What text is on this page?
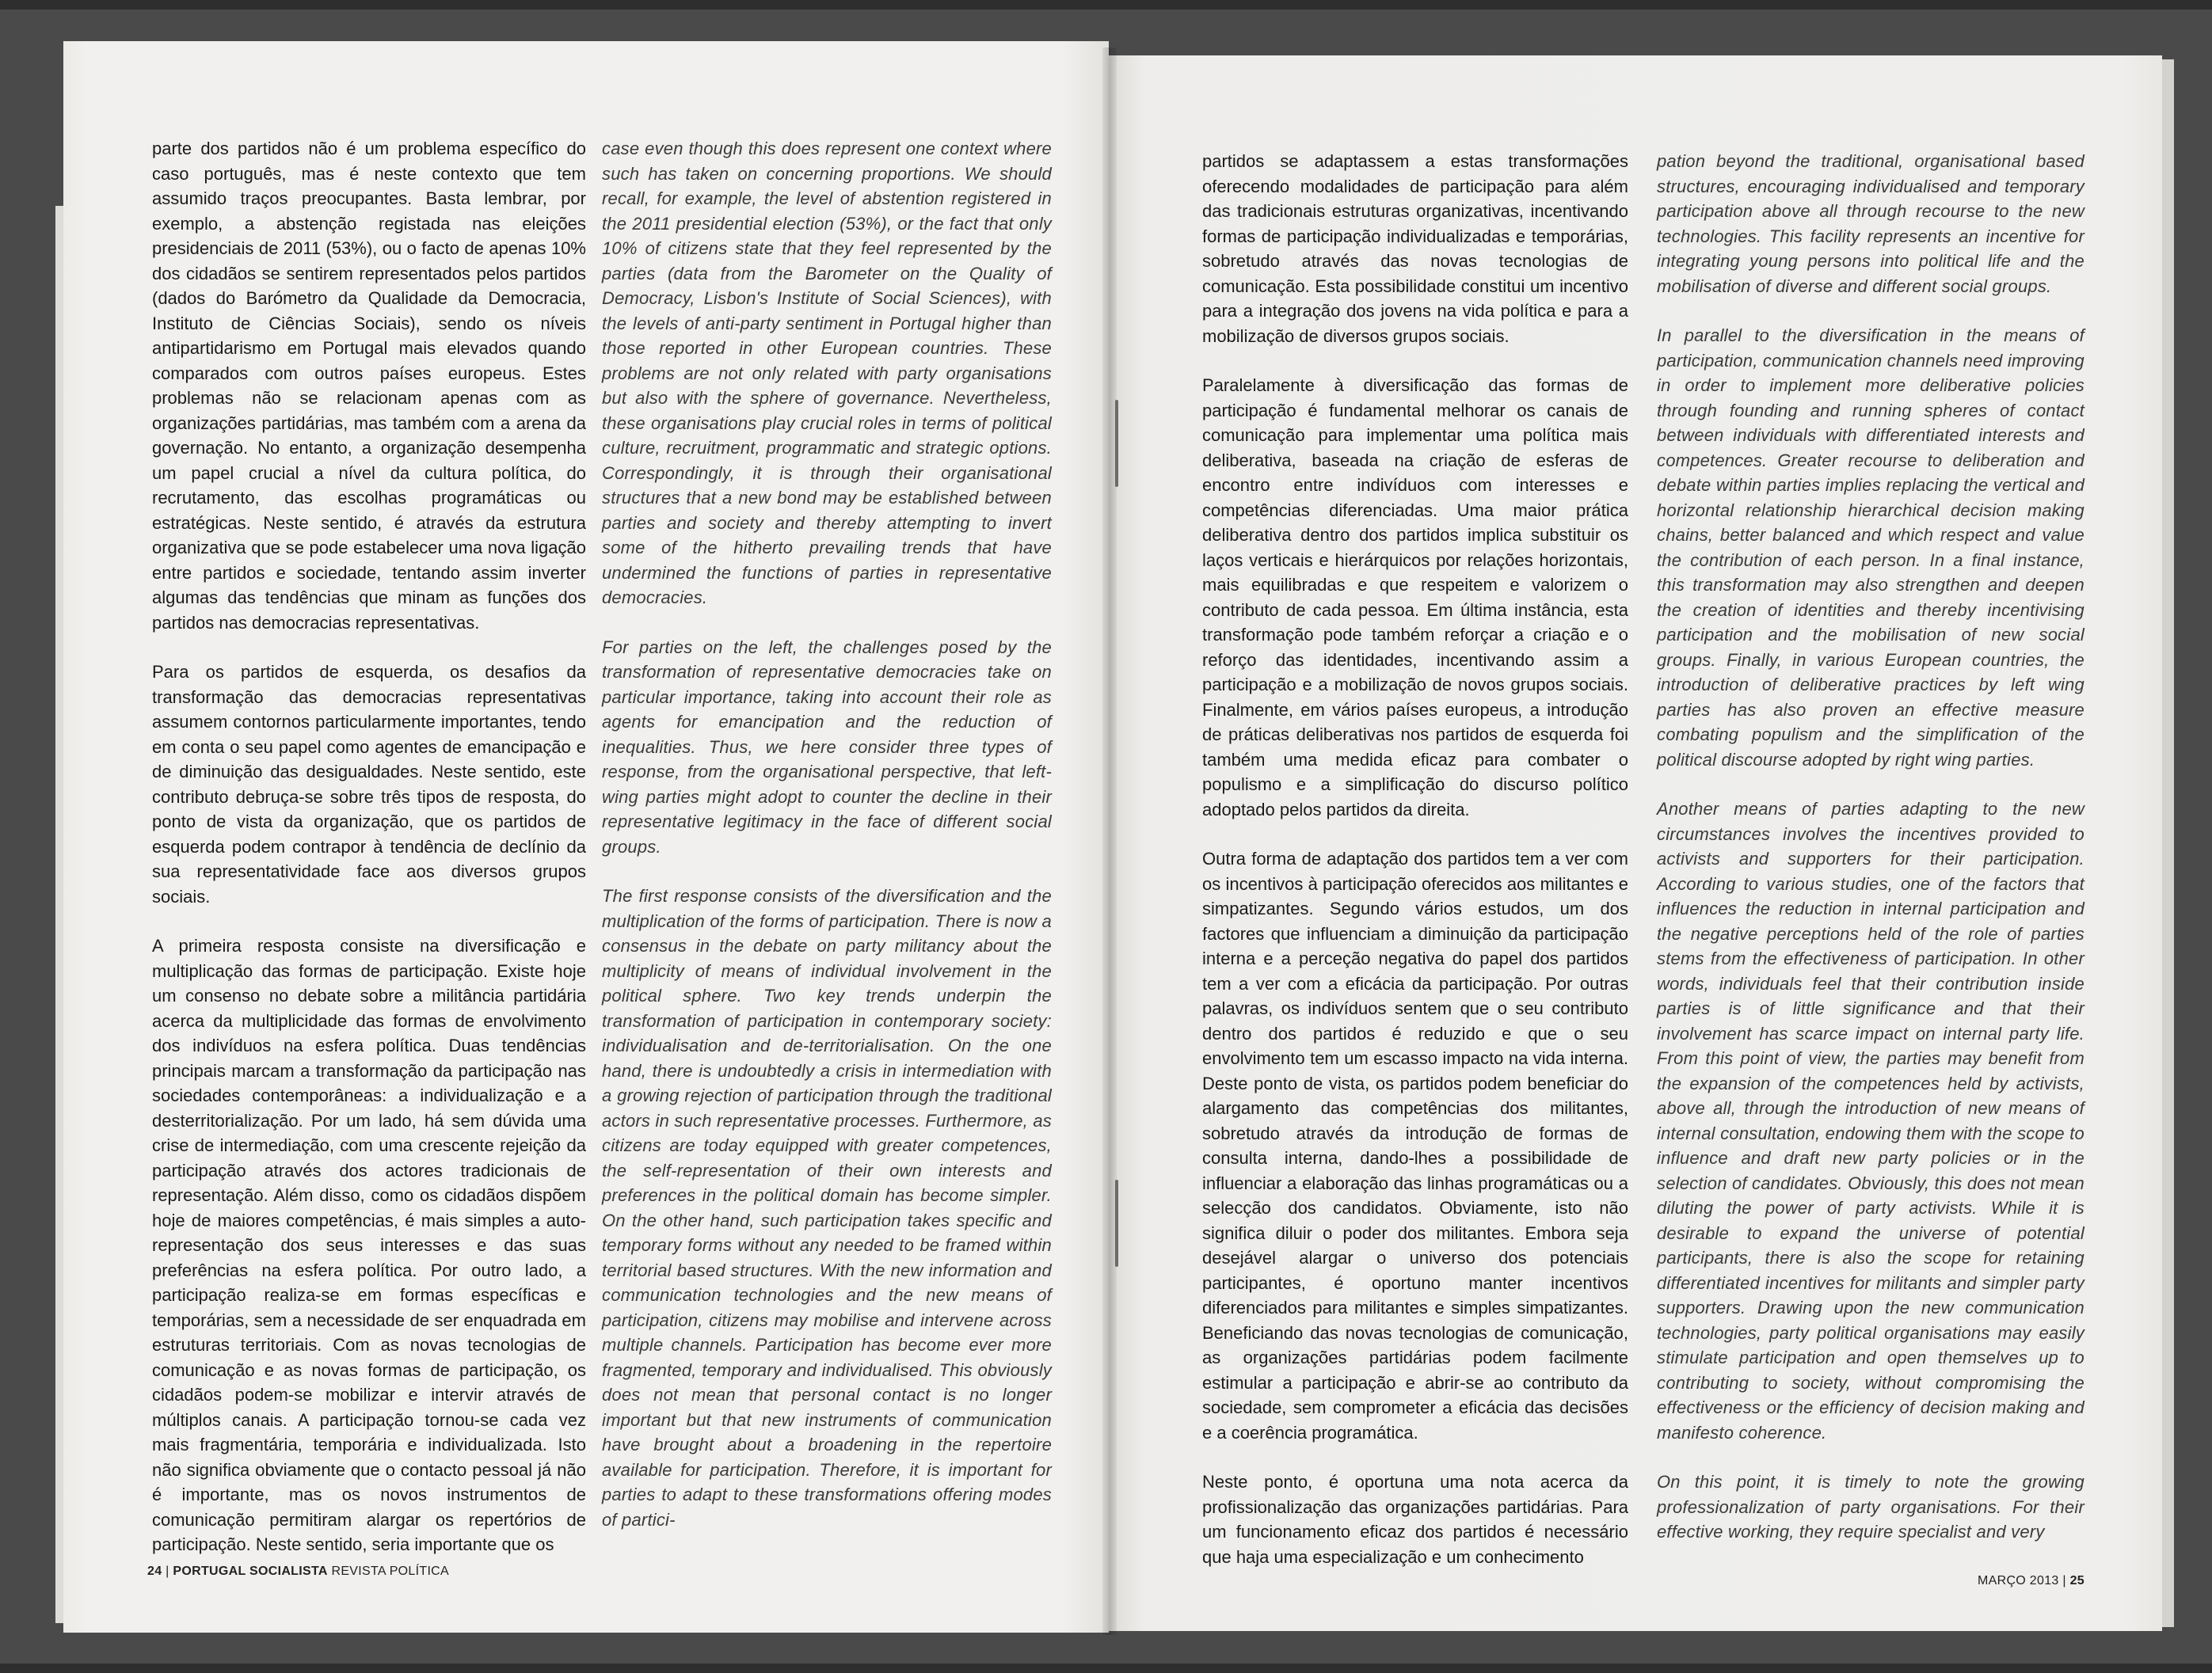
parte dos partidos não é um problema específico do caso português, mas é neste contexto que tem assumido traços preocupantes. Basta lembrar, por exemplo, a abstenção registada nas eleições presidenciais de 2011 (53%), ou o facto de apenas 10% dos cidadãos se sentirem representados pelos partidos (dados do Barómetro da Qualidade da Democracia, Instituto de Ciências Sociais), sendo os níveis antipartidarismo em Portugal mais elevados quando comparados com outros países europeus. Estes problemas não se relacionam apenas com as organizações partidárias, mas também com a arena da governação. No entanto, a organização desempenha um papel crucial a nível da cultura política, do recrutamento, das escolhas programáticas ou estratégicas. Neste sentido, é através da estrutura organizativa que se pode estabelecer uma nova ligação entre partidos e sociedade, tentando assim inverter algumas das tendências que minam as funções dos partidos nas democracias representativas.

Para os partidos de esquerda, os desafios da transformação das democracias representativas assumem contornos particularmente importantes, tendo em conta o seu papel como agentes de emancipação e de diminuição das desigualdades. Neste sentido, este contributo debruça-se sobre três tipos de resposta, do ponto de vista da organização, que os partidos de esquerda podem contrapor à tendência de declínio da sua representatividade face aos diversos grupos sociais.

A primeira resposta consiste na diversificação e multiplicação das formas de participação. Existe hoje um consenso no debate sobre a militância partidária acerca da multiplicidade das formas de envolvimento dos indivíduos na esfera política. Duas tendências principais marcam a transformação da participação nas sociedades contemporâneas: a individualização e a desterritorialização. Por um lado, há sem dúvida uma crise de intermediação, com uma crescente rejeição da participação através dos actores tradicionais de representação. Além disso, como os cidadãos dispõem hoje de maiores competências, é mais simples a auto-representação dos seus interesses e das suas preferências na esfera política. Por outro lado, a participação realiza-se em formas específicas e temporárias, sem a necessidade de ser enquadrada em estruturas territoriais. Com as novas tecnologias de comunicação e as novas formas de participação, os cidadãos podem-se mobilizar e intervir através de múltiplos canais. A participação tornou-se cada vez mais fragmentária, temporária e individualizada. Isto não significa obviamente que o contacto pessoal já não é importante, mas os novos instrumentos de comunicação permitiram alargar os repertórios de participação. Neste sentido, seria importante que os

case even though this does represent one context where such has taken on concerning proportions. We should recall, for example, the level of abstention registered in the 2011 presidential election (53%), or the fact that only 10% of citizens state that they feel represented by the parties (data from the Barometer on the Quality of Democracy, Lisbon's Institute of Social Sciences), with the levels of anti-party sentiment in Portugal higher than those reported in other European countries. These problems are not only related with party organisations but also with the sphere of governance. Nevertheless, these organisations play crucial roles in terms of political culture, recruitment, programmatic and strategic options. Correspondingly, it is through their organisational structures that a new bond may be established between parties and society and thereby attempting to invert some of the hitherto prevailing trends that have undermined the functions of parties in representative democracies.

For parties on the left, the challenges posed by the transformation of representative democracies take on particular importance, taking into account their role as agents for emancipation and the reduction of inequalities. Thus, we here consider three types of response, from the organisational perspective, that left-wing parties might adopt to counter the decline in their representative legitimacy in the face of different social groups.

The first response consists of the diversification and the multiplication of the forms of participation. There is now a consensus in the debate on party militancy about the multiplicity of means of individual involvement in the political sphere. Two key trends underpin the transformation of participation in contemporary society: individualisation and de-territorialisation. On the one hand, there is undoubtedly a crisis in intermediation with a growing rejection of participation through the traditional actors in such representative processes. Furthermore, as citizens are today equipped with greater competences, the self-representation of their own interests and preferences in the political domain has become simpler. On the other hand, such participation takes specific and temporary forms without any needed to be framed within territorial based structures. With the new information and communication technologies and the new means of participation, citizens may mobilise and intervene across multiple channels. Participation has become ever more fragmented, temporary and individualised. This obviously does not mean that personal contact is no longer important but that new instruments of communication have brought about a broadening in the repertoire available for participation. Therefore, it is important for parties to adapt to these transformations offering modes of partici-

24 | PORTUGAL SOCIALISTA REVISTA POLÍTICA

partidos se adaptassem a estas transformações oferecendo modalidades de participação para além das tradicionais estruturas organizativas, incentivando formas de participação individualizadas e temporárias, sobretudo através das novas tecnologias de comunicação. Esta possibilidade constitui um incentivo para a integração dos jovens na vida política e para a mobilização de diversos grupos sociais.

Paralelamente à diversificação das formas de participação é fundamental melhorar os canais de comunicação para implementar uma política mais deliberativa, baseada na criação de esferas de encontro entre indivíduos com interesses e competências diferenciadas. Uma maior prática deliberativa dentro dos partidos implica substituir os laços verticais e hierárquicos por relações horizontais, mais equilibradas e que respeitem e valorizem o contributo de cada pessoa. Em última instância, esta transformação pode também reforçar a criação e o reforço das identidades, incentivando assim a participação e a mobilização de novos grupos sociais. Finalmente, em vários países europeus, a introdução de práticas deliberativas nos partidos de esquerda foi também uma medida eficaz para combater o populismo e a simplificação do discurso político adoptado pelos partidos da direita.

Outra forma de adaptação dos partidos tem a ver com os incentivos à participação oferecidos aos militantes e simpatizantes. Segundo vários estudos, um dos factores que influenciam a diminuição da participação interna e a perceção negativa do papel dos partidos tem a ver com a eficácia da participação. Por outras palavras, os indivíduos sentem que o seu contributo dentro dos partidos é reduzido e que o seu envolvimento tem um escasso impacto na vida interna. Deste ponto de vista, os partidos podem beneficiar do alargamento das competências dos militantes, sobretudo através da introdução de formas de consulta interna, dando-lhes a possibilidade de influenciar a elaboração das linhas programáticas ou a selecção dos candidatos. Obviamente, isto não significa diluir o poder dos militantes. Embora seja desejável alargar o universo dos potenciais participantes, é oportuno manter incentivos diferenciados para militantes e simples simpatizantes. Beneficiando das novas tecnologias de comunicação, as organizações partidárias podem facilmente estimular a participação e abrir-se ao contributo da sociedade, sem comprometer a eficácia das decisões e a coerência programática.

Neste ponto, é oportuna uma nota acerca da profissionalização das organizações partidárias. Para um funcionamento eficaz dos partidos é necessário que haja uma especialização e um conhecimento

pation beyond the traditional, organisational based structures, encouraging individualised and temporary participation above all through recourse to the new technologies. This facility represents an incentive for integrating young persons into political life and the mobilisation of diverse and different social groups.

In parallel to the diversification in the means of participation, communication channels need improving in order to implement more deliberative policies through founding and running spheres of contact between individuals with differentiated interests and competences. Greater recourse to deliberation and debate within parties implies replacing the vertical and horizontal relationship hierarchical decision making chains, better balanced and which respect and value the contribution of each person. In a final instance, this transformation may also strengthen and deepen the creation of identities and thereby incentivising participation and the mobilisation of new social groups. Finally, in various European countries, the introduction of deliberative practices by left wing parties has also proven an effective measure combating populism and the simplification of the political discourse adopted by right wing parties.

Another means of parties adapting to the new circumstances involves the incentives provided to activists and supporters for their participation. According to various studies, one of the factors that influences the reduction in internal participation and the negative perceptions held of the role of parties stems from the effectiveness of participation. In other words, individuals feel that their contribution inside parties is of little significance and that their involvement has scarce impact on internal party life. From this point of view, the parties may benefit from the expansion of the competences held by activists, above all, through the introduction of new means of internal consultation, endowing them with the scope to influence and draft new party policies or in the selection of candidates. Obviously, this does not mean diluting the power of party activists. While it is desirable to expand the universe of potential participants, there is also the scope for retaining differentiated incentives for militants and simpler party supporters. Drawing upon the new communication technologies, party political organisations may easily stimulate participation and open themselves up to contributing to society, without compromising the effectiveness or the efficiency of decision making and manifesto coherence.

On this point, it is timely to note the growing professionalization of party organisations. For their effective working, they require specialist and very

MARÇO 2013 | 25
